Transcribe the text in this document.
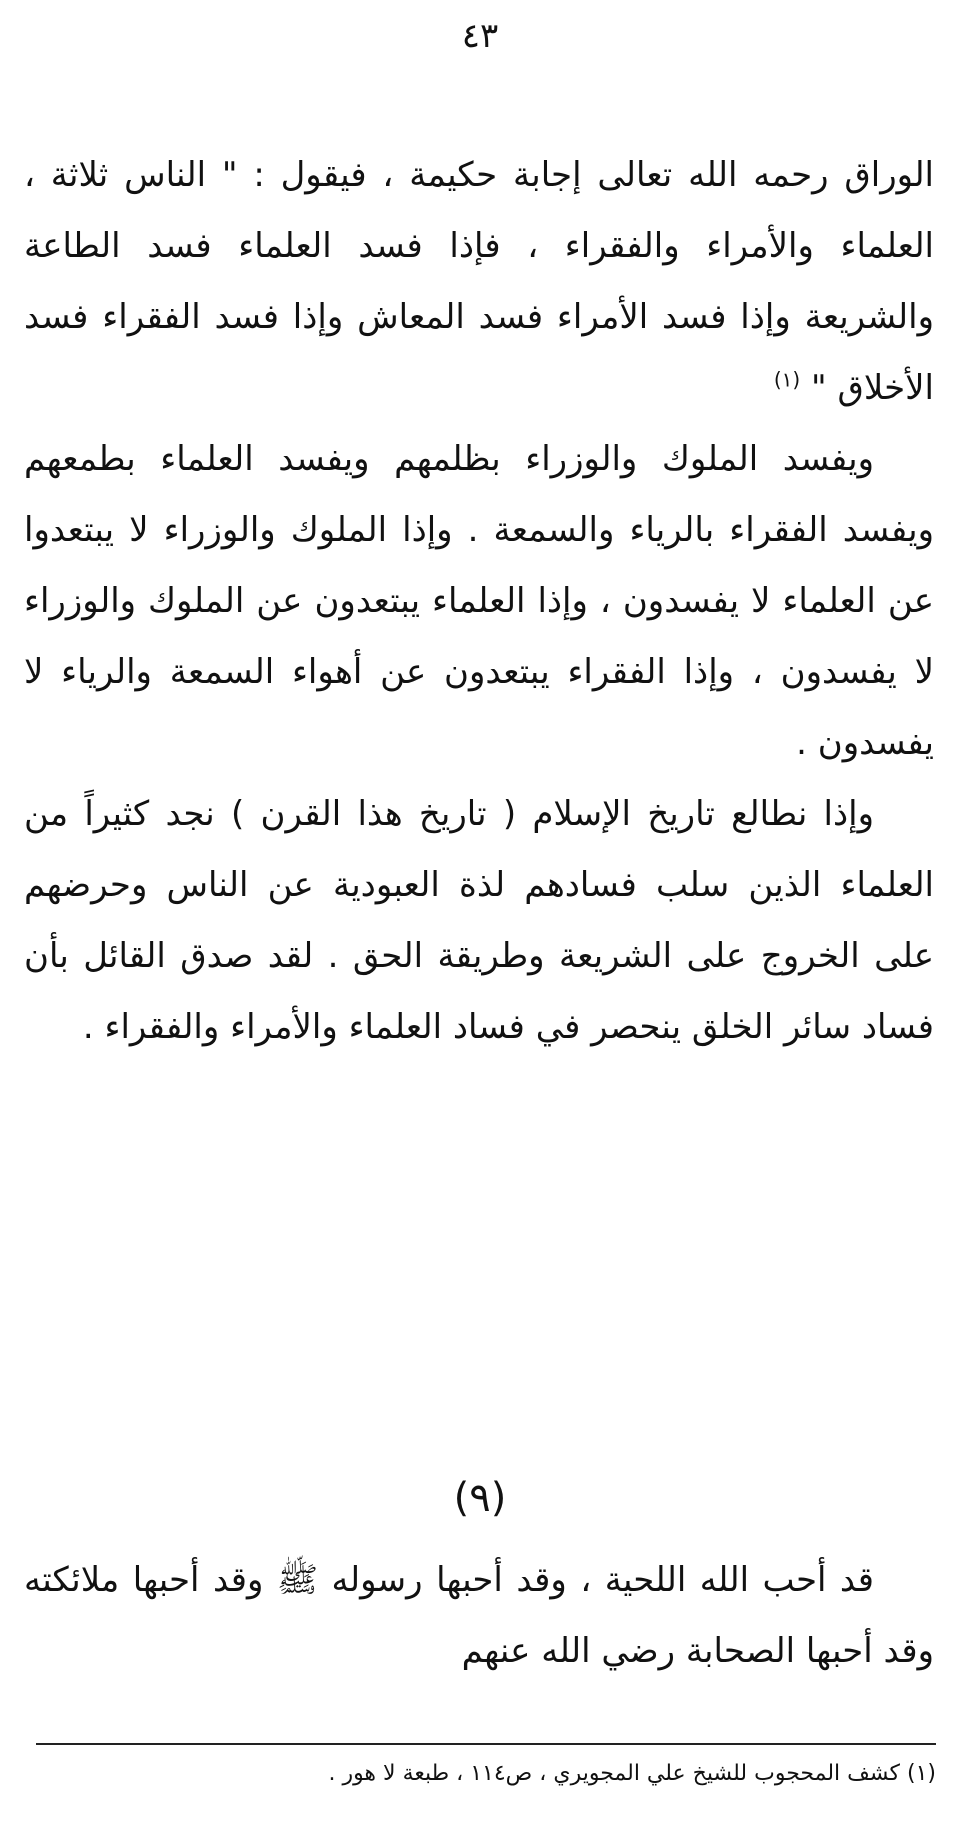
٤٣

الوراق رحمه الله تعالى إجابة حكيمة ، فيقول : " الناس ثلاثة ، العلماء والأمراء والفقراء ، فإذا فسد العلماء فسد الطاعة والشريعة وإذا فسد الأمراء فسد المعاش وإذا فسد الفقراء فسد الأخلاق " $^{(١)}$

ويفسد الملوك والوزراء بظلمهم ويفسد العلماء بطمعهم ويفسد الفقراء بالرياء والسمعة . وإذا الملوك والوزراء لا يبتعدوا عن العلماء لا يفسدون ، وإذا العلماء يبتعدون عن الملوك والوزراء لا يفسدون ، وإذا الفقراء يبتعدون عن أهواء السمعة والرياء لا يفسدون .

وإذا نطالع تاريخ الإسلام ( تاريخ هذا القرن ) نجد كثيراً من العلماء الذين سلب فسادهم لذة العبودية عن الناس وحرضهم على الخروج على الشريعة وطريقة الحق . لقد صدق القائل بأن فساد سائر الخلق ينحصر في فساد العلماء والأمراء والفقراء .

(٩)
قد أحب الله اللحية ، وقد أحبها رسوله ﷺ وقد أحبها ملائكته وقد أحبها الصحابة رضي الله عنهم
(١) كشف المحجوب للشيخ علي المجويري ، ص١١٤ ، طبعة لا هور .
